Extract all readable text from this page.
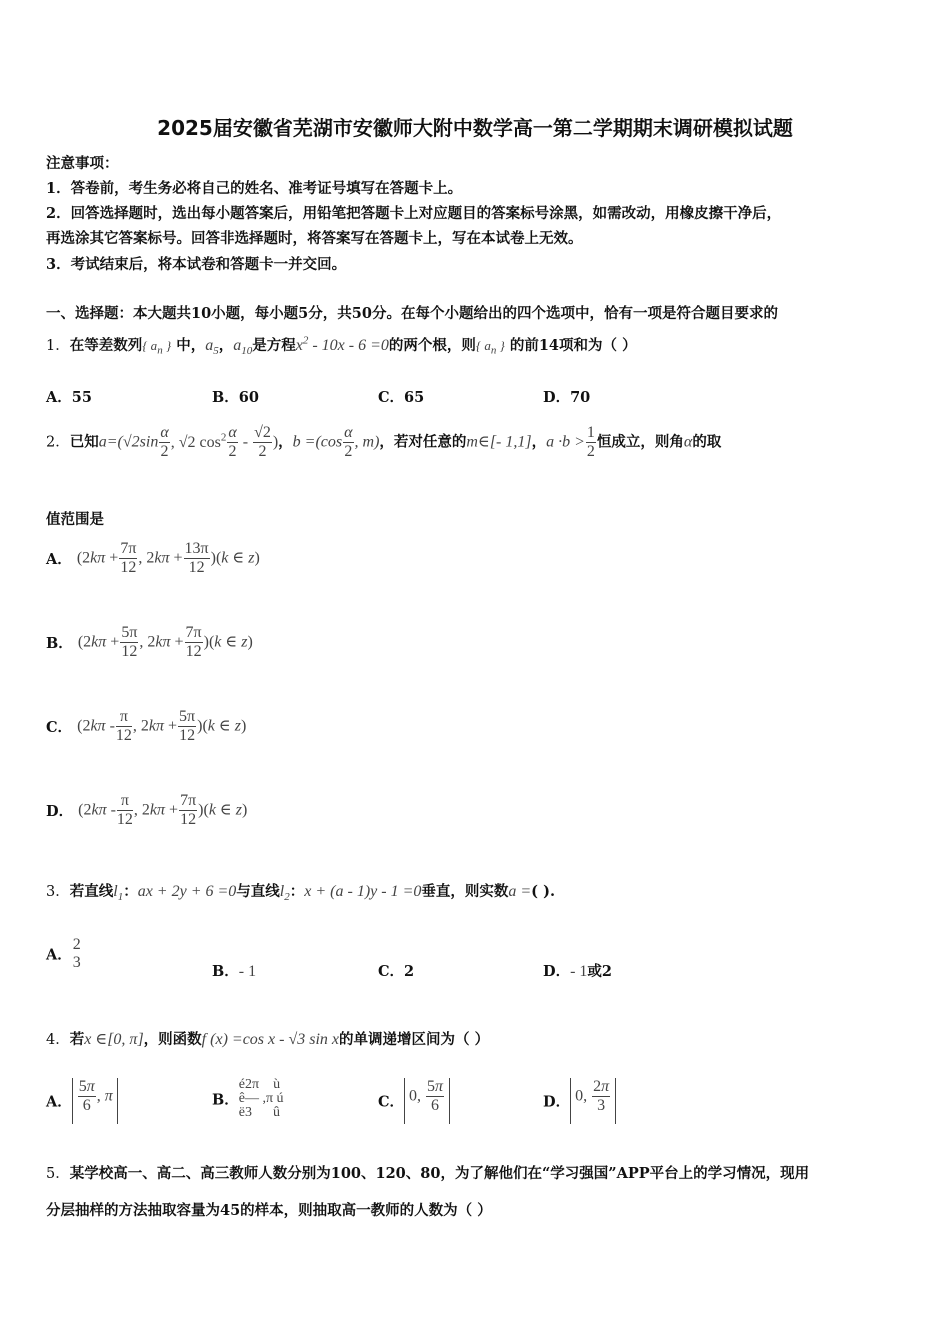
2025届安徽省芜湖市安徽师大附中数学高一第二学期期末调研模拟试题
注意事项：
1．答卷前，考生务必将自己的姓名、准考证号填写在答题卡上。
2．回答选择题时，选出每小题答案后，用铅笔把答题卡上对应题目的答案标号涂黑，如需改动，用橡皮擦干净后，
再选涂其它答案标号。回答非选择题时，将答案写在答题卡上，写在本试卷上无效。
3．考试结束后，将本试卷和答题卡一并交回。
一、选择题：本大题共10小题，每小题5分，共50分。在每个小题给出的四个选项中，恰有一项是符合题目要求的
1．在等差数列{ $a_n$ } 中，$a_5$，$a_{10}$是方程$x^2 - 10x - 6 =0$的两个根，则{ $a_n$ } 的前14项和为（ ）
A．55	B．60	C．65	D．70
2．已知$a=(√2\sin \frac{\alpha}{2}$ , √2 $\cos^2 \frac{\alpha}{2} - \frac{√2}{2}$ )，$b =(\cos \frac{\alpha}{2}$ , m)，若对任意的m∈[- 1,1]，$a \cdot b > \frac{1}{2}$ 恒成立，则角α的取
值范围是
A． ($2k\pi + \frac{7\pi}{12}$ , $2k\pi + \frac{13\pi}{12} )(k$ ∈ z)
B． ($2k\pi + \frac{5\pi}{12}$ , $2k\pi + \frac{7\pi}{12} )(k$ ∈ z)
C． ($2k\pi - \frac{\pi}{12}$ , $2k\pi + \frac{5\pi}{12} )(k$ ∈ z)
D． ($2k\pi - \frac{\pi}{12}$ , $2k\pi + \frac{7\pi}{12} )(k$ ∈ z)
3．若直线$l_1$：ax + 2y + 6 =0与直线$l_2$：x + (a - 1)y - 1 =0垂直，则实数a =( ).
A．
2
3
B．- 1	C．2	D．- 1或2
4．若x ∈[0, π]，则函数f (x) =cos x - √3 sin x的单调递增区间为（ ）
A． $\frac{5\pi}{6}$ , π	B．é2π    ù
ê― ,π ú
ë3      û
C． 0, $\frac{5\pi}{6}$	D． 0, $\frac{2\pi}{3}$
5．某学校高一、高二、高三教师人数分别为100、120、80，为了解他们在“学习强国”APP平台上的学习情况，现用
分层抽样的方法抽取容量为45的样本，则抽取高一教师的人数为（ ）
